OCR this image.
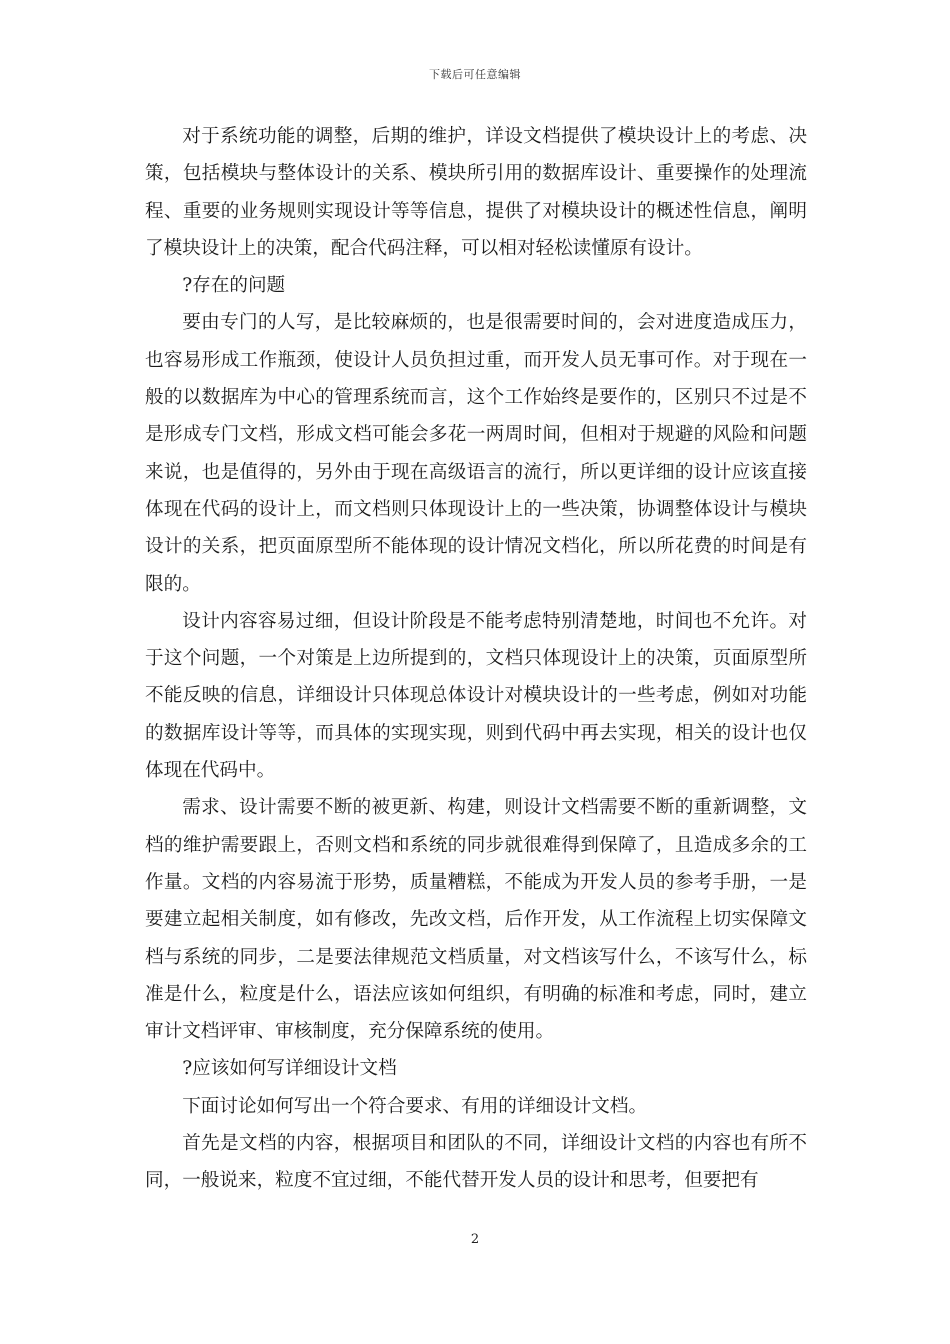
下载后可任意编辑

对于系统功能的调整，后期的维护，详设文档提供了模块设计上的考虑、决策，包括模块与整体设计的关系、模块所引用的数据库设计、重要操作的处理流程、重要的业务规则实现设计等等信息，提供了对模块设计的概述性信息，阐明了模块设计上的决策，配合代码注释，可以相对轻松读懂原有设计。

?存在的问题

要由专门的人写，是比较麻烦的，也是很需要时间的，会对进度造成压力，也容易形成工作瓶颈，使设计人员负担过重，而开发人员无事可作。对于现在一般的以数据库为中心的管理系统而言，这个工作始终是要作的，区别只不过是不是形成专门文档，形成文档可能会多花一两周时间，但相对于规避的风险和问题来说，也是值得的，另外由于现在高级语言的流行，所以更详细的设计应该直接体现在代码的设计上，而文档则只体现设计上的一些决策，协调整体设计与模块设计的关系，把页面原型所不能体现的设计情况文档化，所以所花费的时间是有限的。

设计内容容易过细，但设计阶段是不能考虑特别清楚地，时间也不允许。对于这个问题，一个对策是上边所提到的，文档只体现设计上的决策，页面原型所不能反映的信息，详细设计只体现总体设计对模块设计的一些考虑，例如对功能的数据库设计等等，而具体的实现实现，则到代码中再去实现，相关的设计也仅体现在代码中。

需求、设计需要不断的被更新、构建，则设计文档需要不断的重新调整，文档的维护需要跟上，否则文档和系统的同步就很难得到保障了，且造成多余的工作量。文档的内容易流于形势，质量糟糕，不能成为开发人员的参考手册，一是要建立起相关制度，如有修改，先改文档，后作开发，从工作流程上切实保障文档与系统的同步，二是要法律规范文档质量，对文档该写什么，不该写什么，标准是什么，粒度是什么，语法应该如何组织，有明确的标准和考虑，同时，建立审计文档评审、审核制度，充分保障系统的使用。

?应该如何写详细设计文档

下面讨论如何写出一个符合要求、有用的详细设计文档。

首先是文档的内容，根据项目和团队的不同，详细设计文档的内容也有所不同，一般说来，粒度不宜过细，不能代替开发人员的设计和思考，但要把有

2
